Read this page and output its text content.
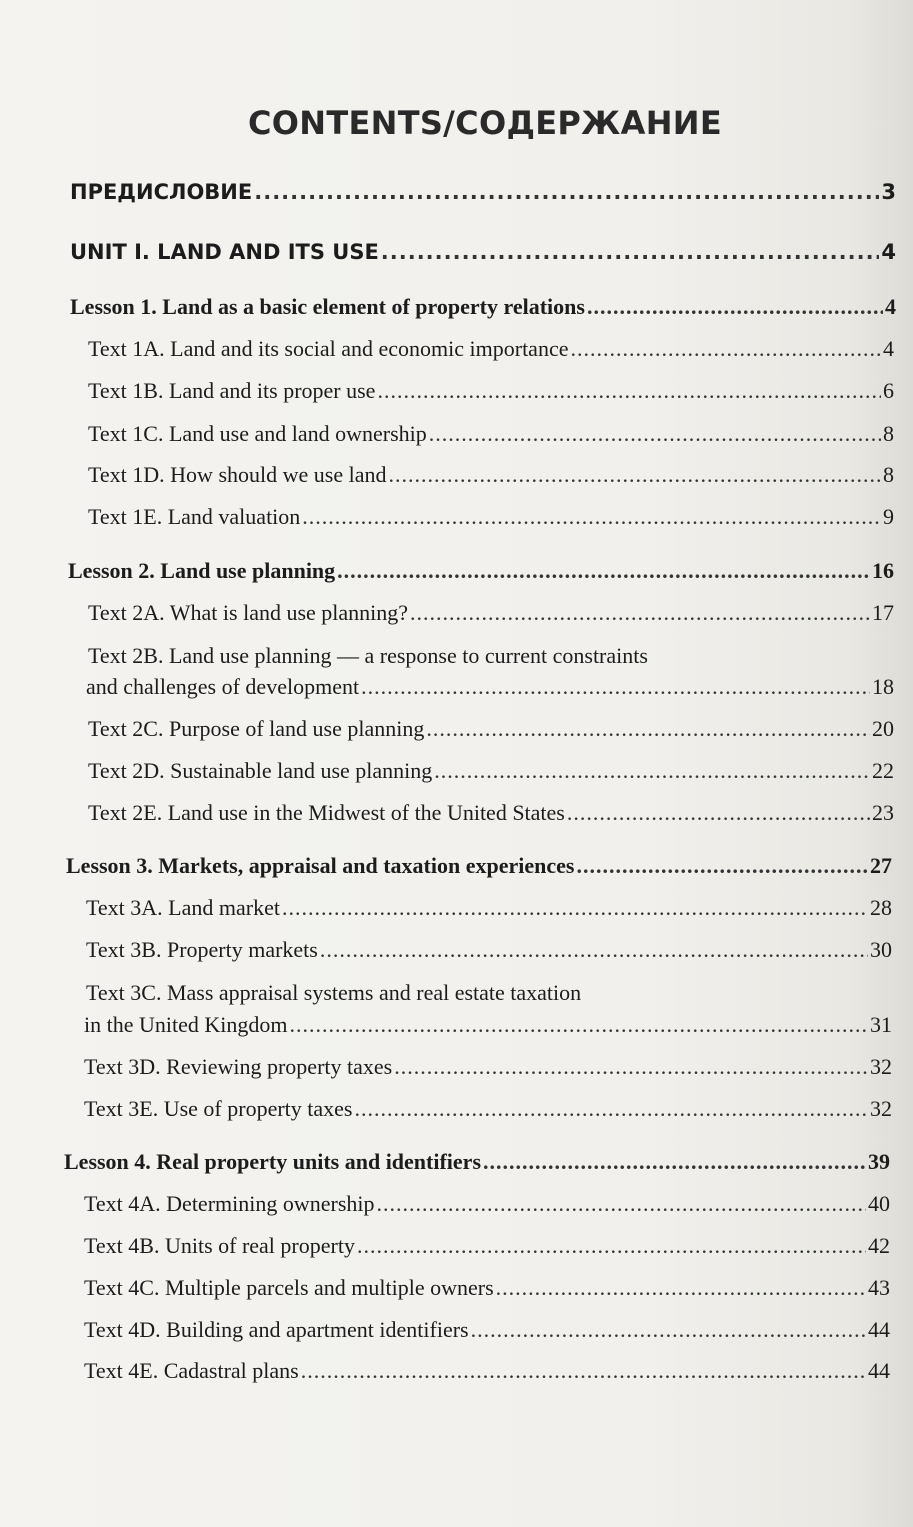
CONTENTS/СОДЕРЖАНИЕ
ПРЕДИСЛОВИЕ .....	3
UNIT I. LAND AND ITS USE .....	4
Lesson 1. Land as a basic element of property relations .....	4
Text 1A. Land and its social and economic importance .....	4
Text 1B. Land and its proper use .....	6
Text 1C. Land use and land ownership .....	8
Text 1D. How should we use land .....	8
Text 1E. Land valuation .....	9
Lesson 2. Land use planning .....	16
Text 2A. What is land use planning? .....	17
Text 2B. Land use planning — a response to current constraints
and challenges of development .....	18
Text 2C. Purpose of land use planning .....	20
Text 2D. Sustainable land use planning .....	22
Text 2E. Land use in the Midwest of the United States .....	23
Lesson 3. Markets, appraisal and taxation experiences .....	27
Text 3A. Land market .....	28
Text 3B. Property markets .....	30
Text 3C. Mass appraisal systems and real estate taxation
in the United Kingdom .....	31
Text 3D. Reviewing property taxes .....	32
Text 3E. Use of property taxes .....	32
Lesson 4. Real property units and identifiers .....	39
Text 4A. Determining ownership .....	40
Text 4B. Units of real property .....	42
Text 4C. Multiple parcels and multiple owners .....	43
Text 4D. Building and apartment identifiers .....	44
Text 4E. Cadastral plans .....	44
